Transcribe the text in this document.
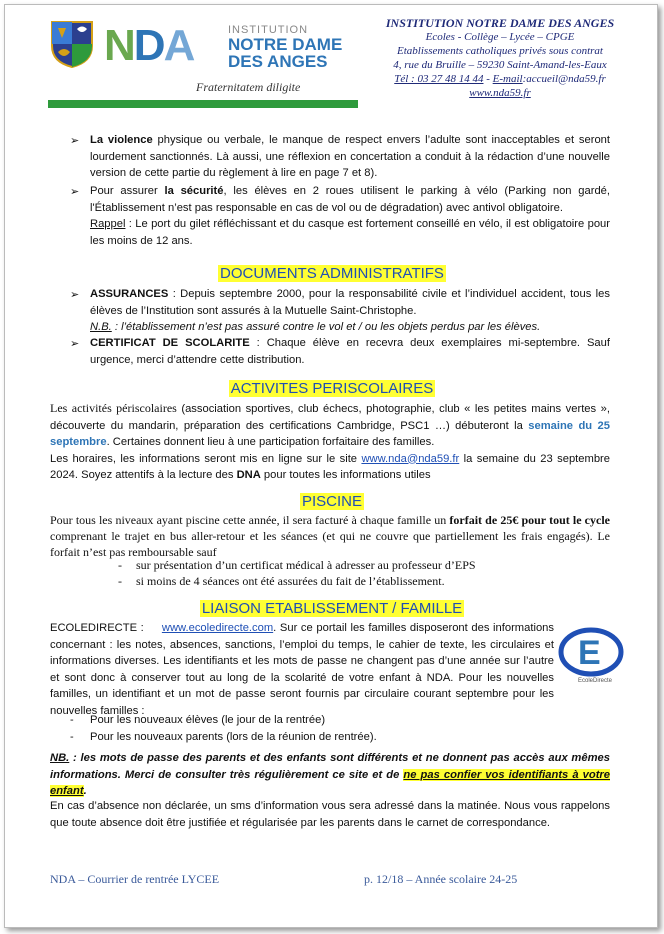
NDA	INSTITUTION
NOTRE DAME
DES ANGES
Fraternitatem diligite
INSTITUTION NOTRE DAME DES ANGES
Ecoles - Collège – Lycée – CPGE
Etablissements catholiques privés sous contrat
4, rue du Bruille – 59230 Saint-Amand-les-Eaux
Tél : 03 27 48 14 44 - E-mail:accueil@nda59.fr
www.nda59.fr
➢ La violence physique ou verbale, le manque de respect envers l’adulte sont inacceptables et seront lourdement sanctionnés. Là aussi, une réflexion en concertation a conduit à la rédaction d’une nouvelle version de cette partie du règlement à lire en page 7 et 8).
➢ Pour assurer la sécurité, les élèves en 2 roues utilisent le parking à vélo (Parking non gardé, l'Établissement n’est pas responsable en cas de vol ou de dégradation) avec antivol obligatoire.
Rappel : Le port du gilet réfléchissant et du casque est fortement conseillé en vélo, il est obligatoire pour les moins de 12 ans.
DOCUMENTS ADMINISTRATIFS
➢ ASSURANCES : Depuis septembre 2000, pour la responsabilité civile et l’individuel accident, tous les élèves de l’Institution sont assurés à la Mutuelle Saint-Christophe.
N.B. : l’établissement n’est pas assuré contre le vol et / ou les objets perdus par les élèves.
➢ CERTIFICAT DE SCOLARITE : Chaque élève en recevra deux exemplaires mi-septembre. Sauf urgence, merci d’attendre cette distribution.
ACTIVITES PERISCOLAIRES
Les activités périscolaires (association sportives, club échecs, photographie, club « les petites mains vertes », découverte du mandarin, préparation des certifications Cambridge, PSC1 …) débuteront la semaine du 25 septembre. Certaines donnent lieu à une participation forfaitaire des familles.
Les horaires, les informations seront mis en ligne sur le site www.nda@nda59.fr la semaine du 23 septembre 2024. Soyez attentifs à la lecture des DNA pour toutes les informations utiles
PISCINE
Pour tous les niveaux ayant piscine cette année, il sera facturé à chaque famille un forfait de 25€ pour tout le cycle comprenant le trajet en bus aller-retour et les séances (et qui ne couvre que partiellement les frais engagés). Le forfait n’est pas remboursable sauf
- sur présentation d’un certificat médical à adresser au professeur d’EPS
- si moins de 4 séances ont été assurées du fait de l’établissement.
LIAISON ETABLISSEMENT / FAMILLE
ECOLEDIRECTE : www.ecoledirecte.com. Sur ce portail les familles disposeront des informations concernant : les notes, absences, sanctions, l’emploi du temps, le cahier de texte, les circulaires et informations diverses. Les identifiants et les mots de passe ne changent pas d’une année sur l’autre et sont donc à conserver tout au long de la scolarité de votre enfant à NDA. Pour les nouvelles familles, un identifiant et un mot de passe seront fournis par circulaire courant septembre pour les nouvelles familles :
E
EcoleDirecte
- Pour les nouveaux élèves (le jour de la rentrée)
- Pour les nouveaux parents (lors de la réunion de rentrée).
NB. : les mots de passe des parents et des enfants sont différents et ne donnent pas accès aux mêmes informations. Merci de consulter très régulièrement ce site et de ne pas confier vos identifiants à votre enfant.
En cas d’absence non déclarée, un sms d’information vous sera adressé dans la matinée. Nous vous rappelons que toute absence doit être justifiée et régularisée par les parents dans le carnet de correspondance.
NDA – Courrier de rentrée LYCEE	p. 12/18 – Année scolaire 24-25
